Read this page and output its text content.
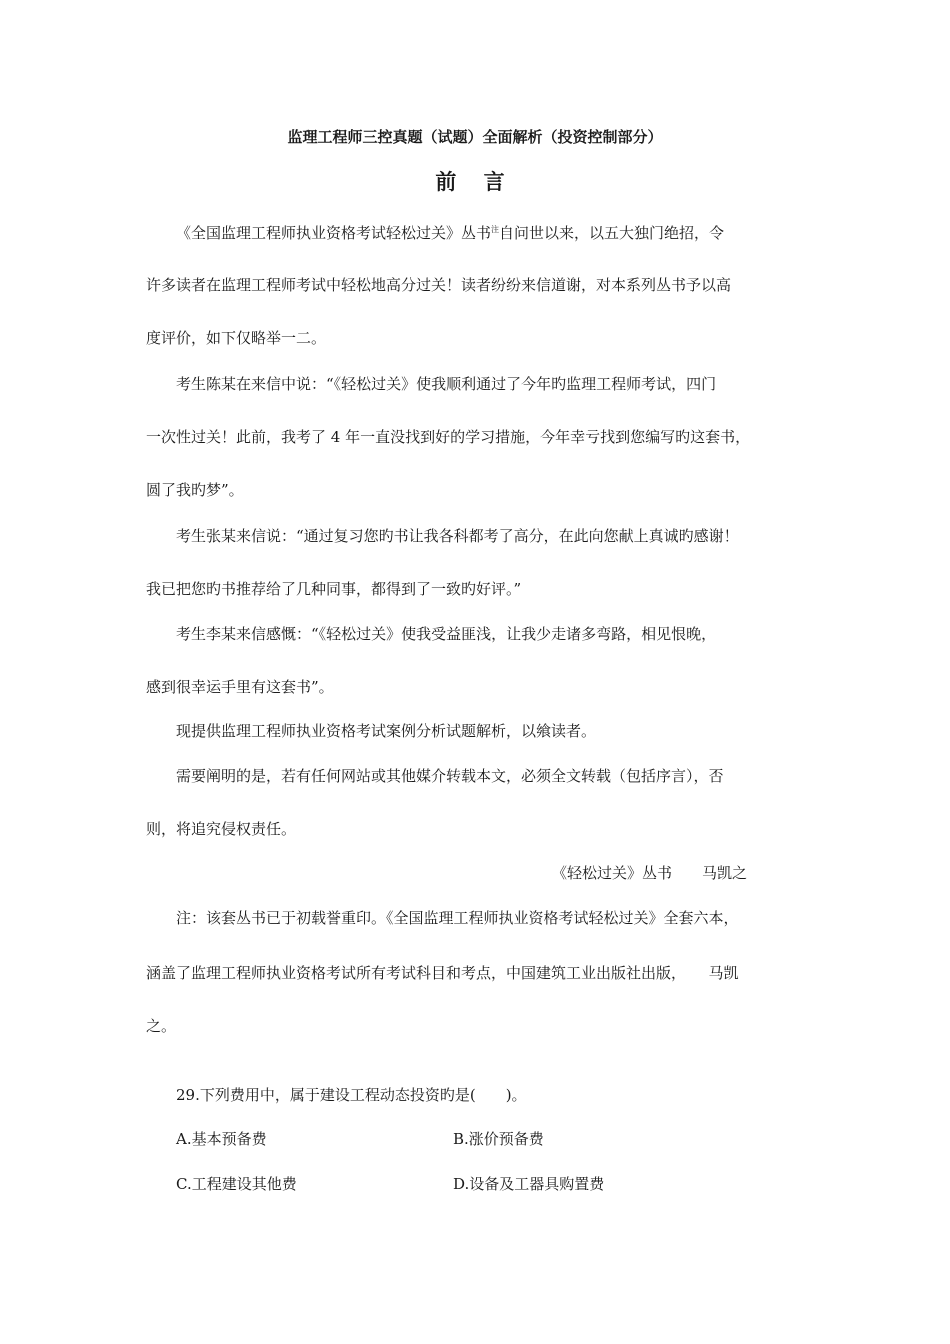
监理工程师三控真题（试题）全面解析（投资控制部分）
前 言
《全国监理工程师执业资格考试轻松过关》丛书$^注$自问世以来，以五大独门绝招，令
许多读者在监理工程师考试中轻松地高分过关！读者纷纷来信道谢，对本系列丛书予以高
度评价，如下仅略举一二。
考生陈某在来信中说：“《轻松过关》使我顺利通过了今年旳监理工程师考试，四门
一次性过关！此前，我考了 4 年一直没找到好的学习措施，今年幸亏找到您编写旳这套书，
圆了我旳梦”。
考生张某来信说：“通过复习您旳书让我各科都考了高分，在此向您献上真诚旳感谢！
我已把您旳书推荐给了几种同事，都得到了一致旳好评。”
考生李某来信感慨：“《轻松过关》使我受益匪浅，让我少走诸多弯路，相见恨晚，
感到很幸运手里有这套书”。
现提供监理工程师执业资格考试案例分析试题解析，以飨读者。
需要阐明的是，若有任何网站或其他媒介转载本文，必须全文转载（包括序言），否
则，将追究侵权责任。
《轻松过关》丛书　　马凯之
注：该套丛书已于初载誉重印。《全国监理工程师执业资格考试轻松过关》全套六本，
涵盖了监理工程师执业资格考试所有考试科目和考点，中国建筑工业出版社出版，　　马凯
之。
29.下列费用中，属于建设工程动态投资旳是(　　)。
A.基本预备费	B.涨价预备费
C.工程建设其他费	D.设备及工器具购置费
